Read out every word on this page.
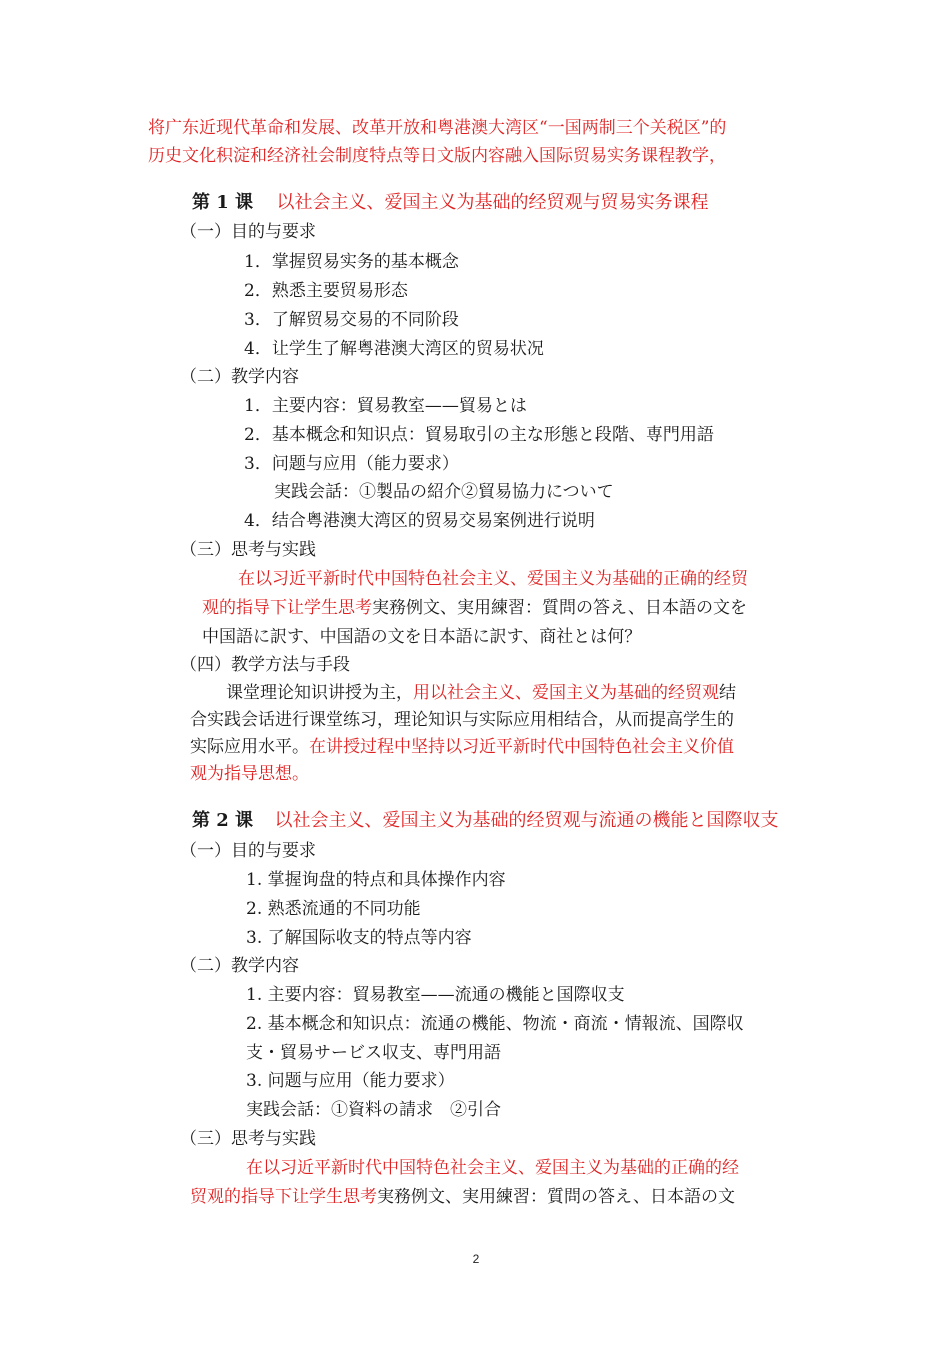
将广东近现代革命和发展、改革开放和粤港澳大湾区“一国两制三个关税区”的
历史文化积淀和经济社会制度特点等日文版内容融入国际贸易实务课程教学，
第 1 课 以社会主义、爱国主义为基础的经贸观与贸易实务课程
（一）目的与要求
1．掌握贸易实务的基本概念
2．熟悉主要贸易形态
3．了解贸易交易的不同阶段
4．让学生了解粤港澳大湾区的贸易状况
（二）教学内容
1．主要内容：貿易教室——貿易とは
2．基本概念和知识点：貿易取引の主な形態と段階、専門用語
3．问题与应用（能力要求）
実践会話：①製品の紹介②貿易協力について
4．结合粤港澳大湾区的贸易交易案例进行说明
（三）思考与实践
在以习近平新时代中国特色社会主义、爱国主义为基础的正确的经贸
观的指导下让学生思考実務例文、実用練習：質問の答え、日本語の文を
中国語に訳す、中国語の文を日本語に訳す、商社とは何？
（四）教学方法与手段
课堂理论知识讲授为主，用以社会主义、爱国主义为基础的经贸观结
合实践会话进行课堂练习，理论知识与实际应用相结合，从而提高学生的
实际应用水平。在讲授过程中坚持以习近平新时代中国特色社会主义价值
观为指导思想。
第 2 课 以社会主义、爱国主义为基础的经贸观与流通の機能と国際収支
（一）目的与要求
1. 掌握询盘的特点和具体操作内容
2. 熟悉流通的不同功能
3. 了解国际收支的特点等内容
（二）教学内容
1. 主要内容：貿易教室——流通の機能と国際収支
2. 基本概念和知识点：流通の機能、物流・商流・情報流、国際収
支・貿易サービス収支、専門用語
3. 问题与应用（能力要求）
実践会話：①資料の請求　②引合
（三）思考与实践
在以习近平新时代中国特色社会主义、爱国主义为基础的正确的经
贸观的指导下让学生思考実務例文、実用練習：質問の答え、日本語の文
2
